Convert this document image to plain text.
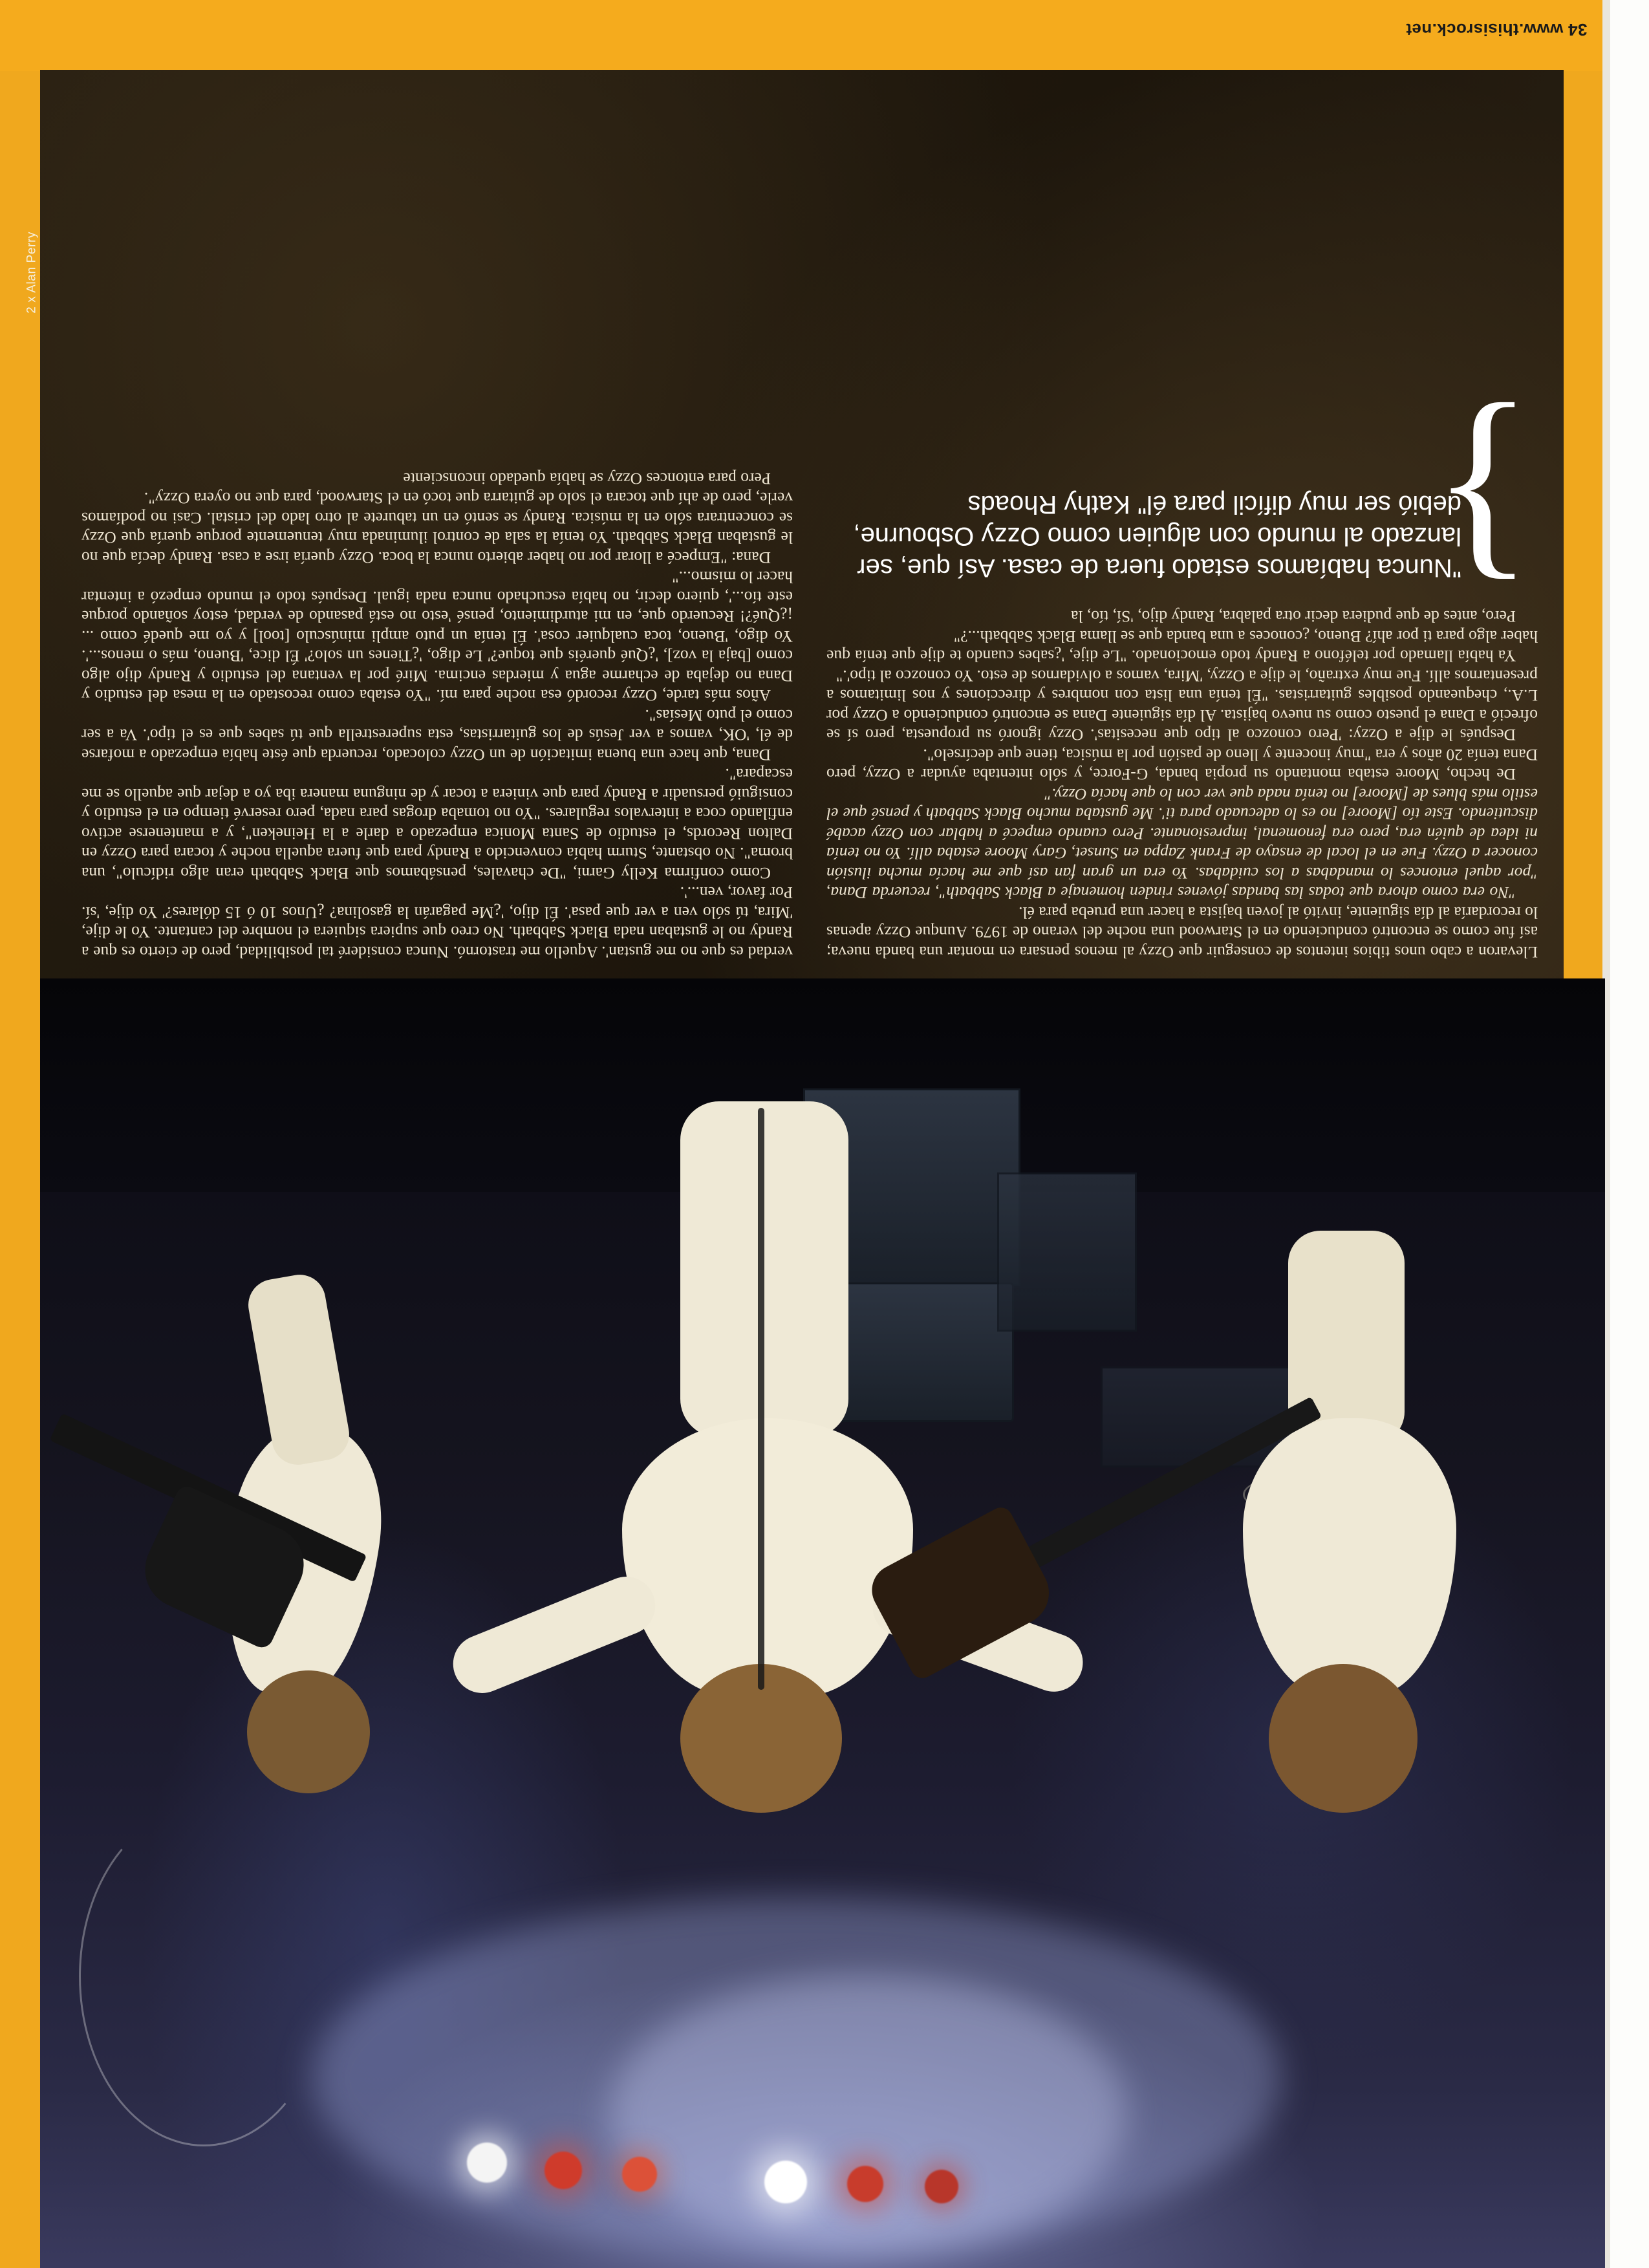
34 www.thisisrock.net

Llevaron a cabo unos tibios intentos de conseguir que Ozzy al menos pensara en montar una banda nueva; así fue como se encontró conduciendo en el Starwood una noche del verano de 1979. Aunque Ozzy apenas lo recordaría al día siguiente, invitó al joven bajista a hacer una prueba para él.

"No era como ahora que todas las bandas jóvenes rinden homenaje a Black Sabbath", recuerda Dana, "por aquel entonces lo mandabas a los cuidabas. Yo era un gran fan así que me hacía mucha ilusión conocer a Ozzy. Fue en el local de ensayo de Frank Zappa en Sunset, Gary Moore estaba allí. Yo no tenía ni idea de quién era, pero era fenomenal, impresionante. Pero cuando empecé a hablar con Ozzy acabé discutiendo. Este tío [Moore] no es lo adecuado para ti'. Me gustaba mucho Black Sabbath y pensé que el estilo más blues de [Moore] no tenía nada que ver con lo que hacía Ozzy."

De hecho, Moore estaba montando su propia banda, G-Force, y sólo intentaba ayudar a Ozzy, pero Dana tenía 20 años y era "muy inocente y lleno de pasión por la música, tiene que decírselo".

Después le dije a Ozzy: 'Pero conozco al tipo que necesitas'. Ozzy ignoró su propuesta, pero sí se ofreció a Dana el puesto como su nuevo bajista. Al día siguiente Dana se encontró conduciendo a Ozzy por L.A., chequeando posibles guitarristas. "Él tenía una lista con nombres y direcciones y nos limitamos a presentarnos allí. Fue muy extraño, le dije a Ozzy, 'Mira, vamos a olvidarnos de esto. Yo conozco al tipo'."

Ya había llamado por teléfono a Randy todo emocionado. "Le dije, '¿sabes cuando te dije que tenía que haber algo para ti por ahí? Bueno, ¿conoces a una banda que se llama Black Sabbath...?"

Pero, antes de que pudiera decir otra palabra, Randy dijo, 'Sí, tío, la

}
"Nunca habíamos estado fuera de casa. Así que, ser lanzado al mundo con alguien como Ozzy Osbourne, debió ser muy difícil para él" Kathy Rhoads

verdad es que no me gustan'. Aquello me trastornó. Nunca consideré tal posibilidad, pero de cierto es que a Randy no le gustaban nada Black Sabbath. No creo que supiera siquiera el nombre del cantante. Yo le dije, 'Mira, tú sólo ven a ver que pasa'. Él dijo, '¿Me pagarán la gasolina? ¿Unos 10 ó 15 dólares?' Yo dije, 'sí. Por favor, ven...'.

Como confirma Kelly Garni, "De chavales, pensábamos que Black Sabbath eran algo ridículo", una broma". No obstante, Sturm había convencido a Randy para que fuera aquella noche y tocara para Ozzy en Dalton Records, el estudio de Santa Monica empezado a darle a la Heineken", y a mantenerse activo enfilando coca a intervalos regulares. "Yo no tomaba drogas para nada, pero reservé tiempo en el estudio y consiguió persuadir a Randy para que viniera a tocar y de ninguna manera iba yo a dejar que aquello se me escapara".

Dana, que hace una buena imitación de un Ozzy colocado, recuerda que éste había empezado a mofarse de él, 'OK, vamos a ver Jesús de los guitarristas, esta superestrella que tú sabes que es el tipo'. Va a ser como el puto Mesías".

Años más tarde, Ozzy recordó esa noche para mí. "Yo estaba como recostado en la mesa del estudio y Dana no dejaba de echarme agua y mierdas encima. Miré por la ventana del estudio y Randy dijo algo como [baja la voz], '¿Qué queréis que toque?' Le digo, '¿Tienes un solo?' Él dice, 'Bueno, más o menos...'. Yo digo, 'Bueno, toca cualquier cosa'. Él tenía un puto ampli minúsculo [tool] y yo me quedé como ...¡¿Qué?! Recuerdo que, en mi aturdimiento, pensé 'esto no está pasando de verdad, estoy soñando porque este tío...', quiero decir, no había escuchado nunca nada igual. Después todo el mundo empezó a intentar hacer lo mismo..."

Dana: "Empecé a llorar por no haber abierto nunca la boca. Ozzy quería irse a casa. Randy decía que no le gustaban Black Sabbath. Yo tenía la sala de control iluminada muy tenuemente porque quería que Ozzy se concentrara sólo en la música. Randy se sentó en un taburete al otro lado del cristal. Casi no podíamos verle, pero de ahí que tocara el solo de guitarra que tocó en el Starwood, para que no oyera Ozzy".

Pero para entonces Ozzy se había quedado inconsciente

2 x Alan Perry
